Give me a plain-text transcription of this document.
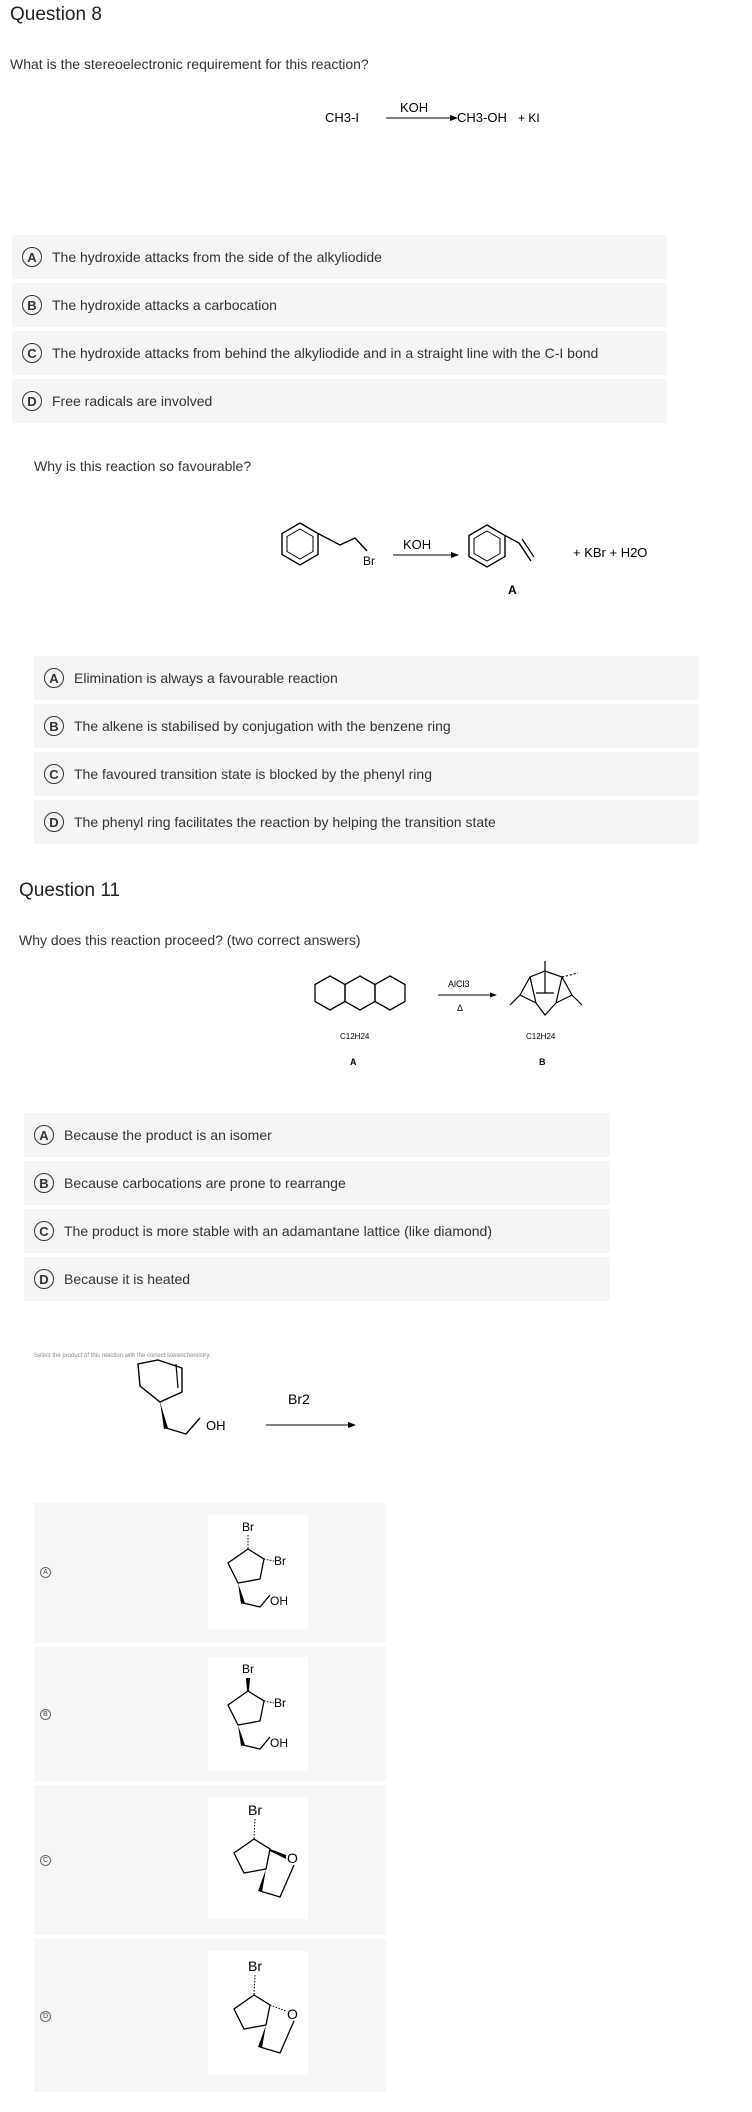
Question 8
What is the stereoelectronic requirement for this reaction?
CH3-I
KOH
CH3-OH + KI
A	The hydroxide attacks from the side of the alkyliodide
B	The hydroxide attacks a carbocation
C	The hydroxide attacks from behind the alkyliodide and in a straight line with the C-I bond
D	Free radicals are involved
Why is this reaction so favourable?
Br
KOH
A
+ KBr + H2O
A	Elimination is always a favourable reaction
B	The alkene is stabilised by conjugation with the benzene ring
C	The favoured transition state is blocked by the phenyl ring
D	The phenyl ring facilitates the reaction by helping the transition state
Question 11
Why does this reaction proceed? (two correct answers)
C12H24
A
AlCl3
Δ
C12H24
B
A	Because the product is an isomer
B	Because carbocations are prone to rearrange
C	The product is more stable with an adamantane lattice (like diamond)
D	Because it is heated
Select the product of this reaction with the correct stereochemistry.
OH
Br2
A
Br
Br
OH
B
Br
Br
OH
C
Br
O
D
Br
O
